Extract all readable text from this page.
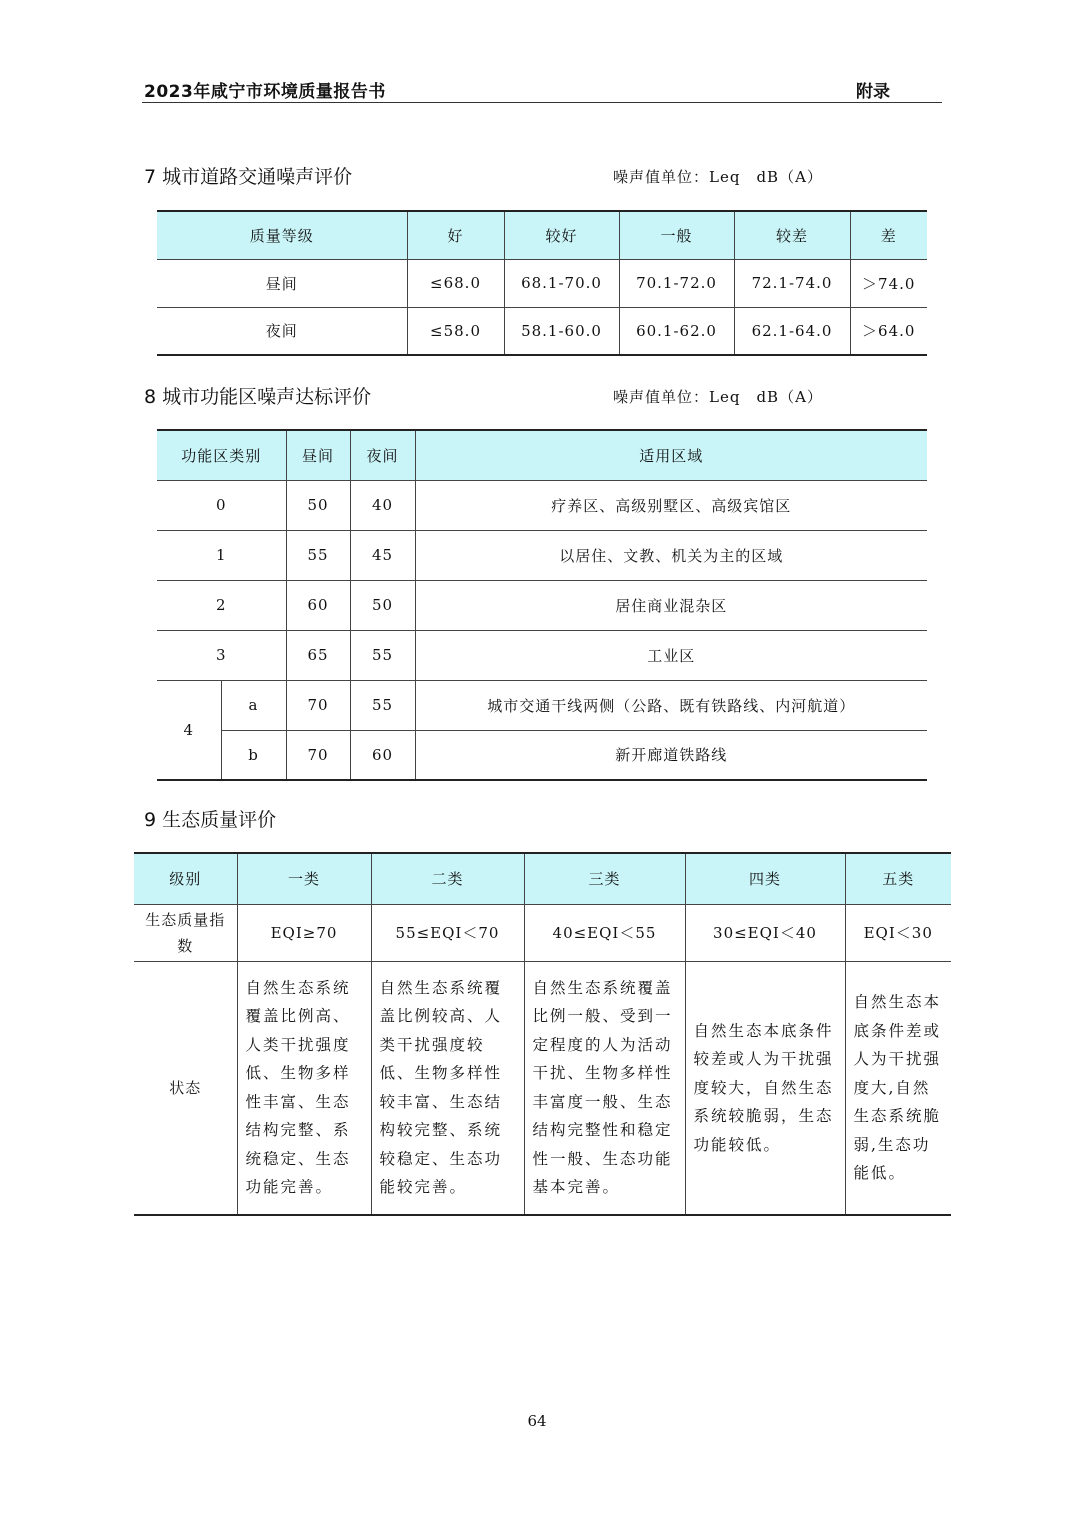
2023年咸宁市环境质量报告书	附录
7 城市道路交通噪声评价	噪声值单位：Leq　dB（A）
质量等级	好	较好	一般	较差	差
昼间	≤68.0	68.1-70.0	70.1-72.0	72.1-74.0	＞74.0
夜间	≤58.0	58.1-60.0	60.1-62.0	62.1-64.0	＞64.0
8 城市功能区噪声达标评价	噪声值单位：Leq　dB（A）
功能区类别		昼间	夜间	适用区域
0		50	40	疗养区、高级别墅区、高级宾馆区
1		55	45	以居住、文教、机关为主的区域
2		60	50	居住商业混杂区
3		65	55	工业区
4	a	70	55	城市交通干线两侧（公路、既有铁路线、内河航道）
	b	70	60	新开廊道铁路线
9 生态质量评价
级别	一类	二类	三类	四类	五类
生态质量指数	EQI≥70	55≤EQI＜70	40≤EQI＜55	30≤EQI＜40	EQI＜30
状态	自然生态系统覆盖比例高、人类干扰强度低、生物多样性丰富、生态结构完整、系统稳定、生态功能完善。	自然生态系统覆盖比例较高、人类干扰强度较低、生物多样性较丰富、生态结构较完整、系统较稳定、生态功能较完善。	自然生态系统覆盖比例一般、受到一定程度的人为活动干扰、生物多样性丰富度一般、生态结构完整性和稳定性一般、生态功能基本完善。	自然生态本底条件较差或人为干扰强度较大，自然生态系统较脆弱，生态功能较低。	自然生态本底条件差或人为干扰强度大,自然生态系统脆弱,生态功能低。
64
